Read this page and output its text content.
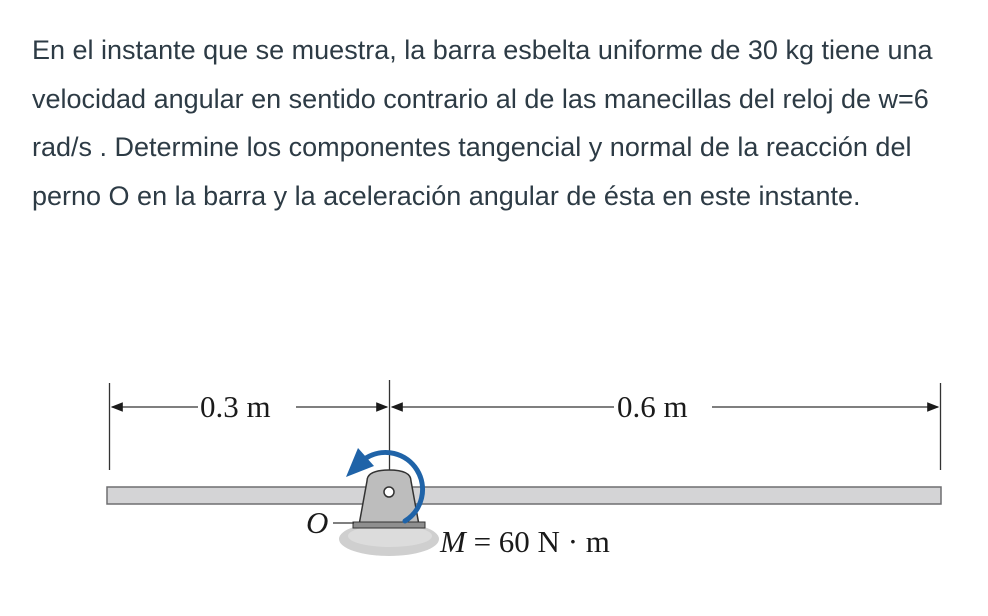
En el instante que se muestra, la barra esbelta uniforme de 30 kg tiene una velocidad angular en sentido contrario al de las manecillas del reloj de w=6 rad/s . Determine los componentes tangencial y normal de la reacción del perno O en la barra y la aceleración angular de ésta en este instante.

0.3 m	0.6 m
O
M = 60 N · m
